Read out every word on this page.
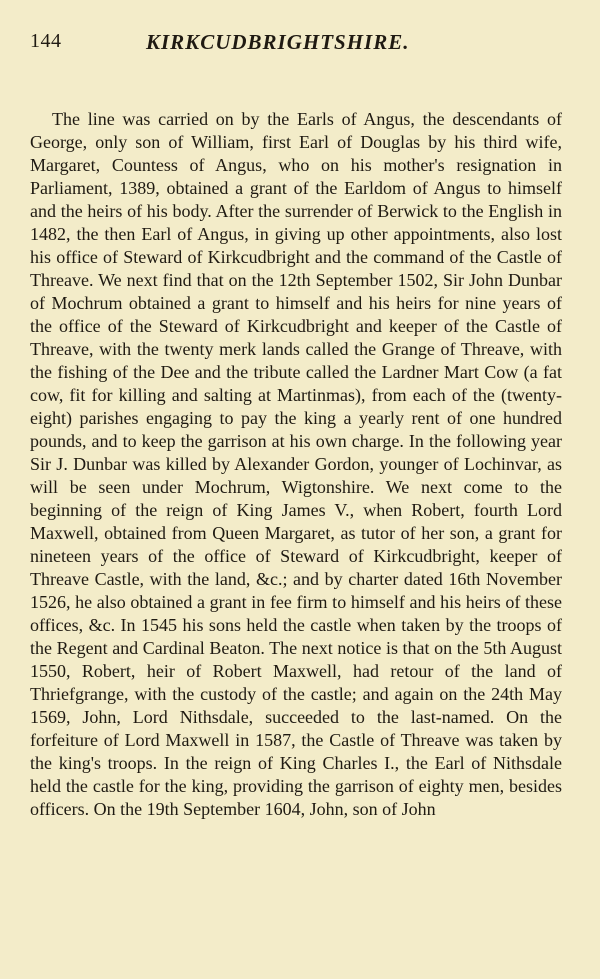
144	KIRKCUDBRIGHTSHIRE.

The line was carried on by the Earls of Angus, the descendants of George, only son of William, first Earl of Douglas by his third wife, Margaret, Countess of Angus, who on his mother's resignation in Parliament, 1389, obtained a grant of the Earldom of Angus to himself and the heirs of his body. After the surrender of Berwick to the English in 1482, the then Earl of Angus, in giving up other appointments, also lost his office of Steward of Kirkcudbright and the command of the Castle of Threave. We next find that on the 12th September 1502, Sir John Dunbar of Mochrum obtained a grant to himself and his heirs for nine years of the office of the Steward of Kirkcudbright and keeper of the Castle of Threave, with the twenty merk lands called the Grange of Threave, with the fishing of the Dee and the tribute called the Lardner Mart Cow (a fat cow, fit for killing and salting at Martinmas), from each of the (twenty-eight) parishes engaging to pay the king a yearly rent of one hundred pounds, and to keep the garrison at his own charge. In the following year Sir J. Dunbar was killed by Alexander Gordon, younger of Lochinvar, as will be seen under Mochrum, Wigtonshire. We next come to the beginning of the reign of King James V., when Robert, fourth Lord Maxwell, obtained from Queen Margaret, as tutor of her son, a grant for nineteen years of the office of Steward of Kirkcudbright, keeper of Threave Castle, with the land, &c.; and by charter dated 16th November 1526, he also obtained a grant in fee firm to himself and his heirs of these offices, &c. In 1545 his sons held the castle when taken by the troops of the Regent and Cardinal Beaton. The next notice is that on the 5th August 1550, Robert, heir of Robert Maxwell, had retour of the land of Thriefgrange, with the custody of the castle; and again on the 24th May 1569, John, Lord Nithsdale, succeeded to the last-named. On the forfeiture of Lord Maxwell in 1587, the Castle of Threave was taken by the king's troops. In the reign of King Charles I., the Earl of Nithsdale held the castle for the king, providing the garrison of eighty men, besides officers. On the 19th September 1604, John, son of John
